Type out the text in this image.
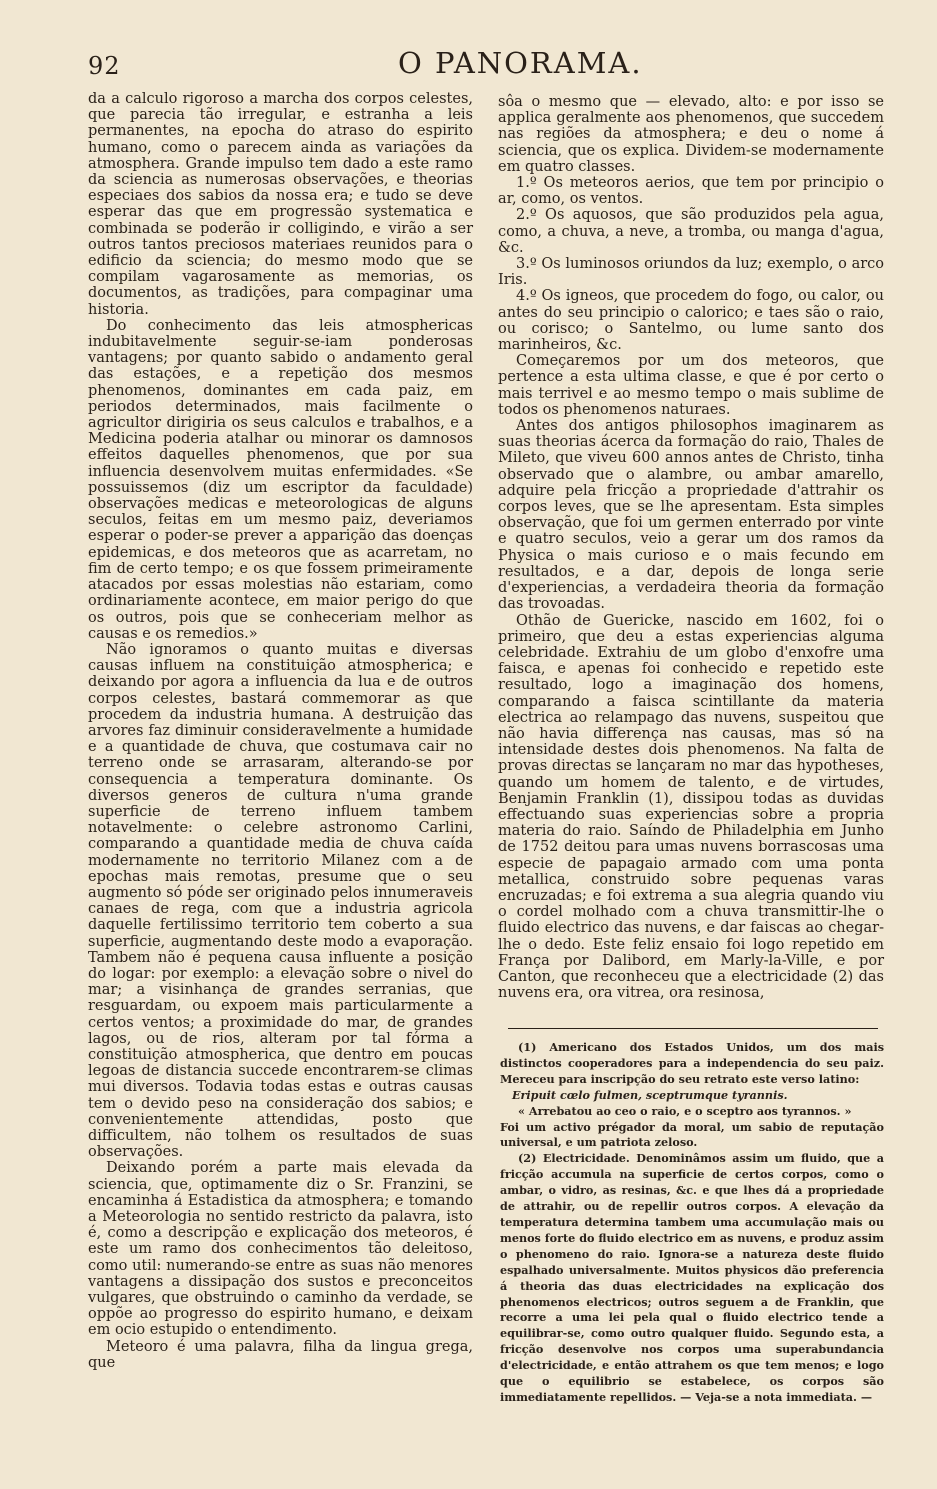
92	O PANORAMA.

da a calculo rigoroso a marcha dos corpos celestes, que parecia tão irregular, e estranha a leis permanentes, na epocha do atraso do espirito humano, como o parecem ainda as variações da atmosphera. Grande impulso tem dado a este ramo da sciencia as numerosas observações, e theorias especiaes dos sabios da nossa era; e tudo se deve esperar das que em progressão systematica e combinada se poderão ir colligindo, e virão a ser outros tantos preciosos materiaes reunidos para o edificio da sciencia; do mesmo modo que se compilam vagarosamente as memorias, os documentos, as tradições, para compaginar uma historia.

Do conhecimento das leis atmosphericas indubitavelmente seguir-se-iam ponderosas vantagens; por quanto sabido o andamento geral das estações, e a repetição dos mesmos phenomenos, dominantes em cada paiz, em periodos determinados, mais facilmente o agricultor dirigiria os seus calculos e trabalhos, e a Medicina poderia atalhar ou minorar os damnosos effeitos daquelles phenomenos, que por sua influencia desenvolvem muitas enfermidades. «Se possuissemos (diz um escriptor da faculdade) observações medicas e meteorologicas de alguns seculos, feitas em um mesmo paiz, deveriamos esperar o poder-se prever a apparição das doenças epidemicas, e dos meteoros que as acarretam, no fim de certo tempo; e os que fossem primeiramente atacados por essas molestias não estariam, como ordinariamente acontece, em maior perigo do que os outros, pois que se conheceriam melhor as causas e os remedios.»

Não ignoramos o quanto muitas e diversas causas influem na constituição atmospherica; e deixando por agora a influencia da lua e de outros corpos celestes, bastará commemorar as que procedem da industria humana. A destruição das arvores faz diminuir consideravelmente a humidade e a quantidade de chuva, que costumava cair no terreno onde se arrasaram, alterando-se por consequencia a temperatura dominante. Os diversos generos de cultura n'uma grande superficie de terreno influem tambem notavelmente: o celebre astronomo Carlini, comparando a quantidade media de chuva caída modernamente no territorio Milanez com a de epochas mais remotas, presume que o seu augmento só póde ser originado pelos innumeraveis canaes de rega, com que a industria agricola daquelle fertilissimo territorio tem coberto a sua superficie, augmentando deste modo a evaporação. Tambem não é pequena causa influente a posição do logar: por exemplo: a elevação sobre o nivel do mar; a visinhança de grandes serranias, que resguardam, ou expoem mais particularmente a certos ventos; a proximidade do mar, de grandes lagos, ou de rios, alteram por tal fórma a constituição atmospherica, que dentro em poucas legoas de distancia succede encontrarem-se climas mui diversos. Todavia todas estas e outras causas tem o devido peso na consideração dos sabios; e convenientemente attendidas, posto que difficultem, não tolhem os resultados de suas observações.

Deixando porém a parte mais elevada da sciencia, que, optimamente diz o Sr. Franzini, se encaminha á Estadistica da atmosphera; e tomando a Meteorologia no sentido restricto da palavra, isto é, como a descripção e explicação dos meteoros, é este um ramo dos conhecimentos tão deleitoso, como util: numerando-se entre as suas não menores vantagens a dissipação dos sustos e preconceitos vulgares, que obstruindo o caminho da verdade, se oppõe ao progresso do espirito humano, e deixam em ocio estupido o entendimento.

Meteoro é uma palavra, filha da lingua grega, que

sôa o mesmo que — elevado, alto: e por isso se applica geralmente aos phenomenos, que succedem nas regiões da atmosphera; e deu o nome á sciencia, que os explica. Dividem-se modernamente em quatro classes.

1.º Os meteoros aerios, que tem por principio o ar, como, os ventos.

2.º Os aquosos, que são produzidos pela agua, como, a chuva, a neve, a tromba, ou manga d'agua, &c.

3.º Os luminosos oriundos da luz; exemplo, o arco Iris.

4.º Os igneos, que procedem do fogo, ou calor, ou antes do seu principio o calorico; e taes são o raio, ou corisco; o Santelmo, ou lume santo dos marinheiros, &c.

Começaremos por um dos meteoros, que pertence a esta ultima classe, e que é por certo o mais terrivel e ao mesmo tempo o mais sublime de todos os phenomenos naturaes.

Antes dos antigos philosophos imaginarem as suas theorias ácerca da formação do raio, Thales de Mileto, que viveu 600 annos antes de Christo, tinha observado que o alambre, ou ambar amarello, adquire pela fricção a propriedade d'attrahir os corpos leves, que se lhe apresentam. Esta simples observação, que foi um germen enterrado por vinte e quatro seculos, veio a gerar um dos ramos da Physica o mais curioso e o mais fecundo em resultados, e a dar, depois de longa serie d'experiencias, a verdadeira theoria da formação das trovoadas.

Othão de Guericke, nascido em 1602, foi o primeiro, que deu a estas experiencias alguma celebridade. Extrahiu de um globo d'enxofre uma faisca, e apenas foi conhecido e repetido este resultado, logo a imaginação dos homens, comparando a faisca scintillante da materia electrica ao relampago das nuvens, suspeitou que não havia differença nas causas, mas só na intensidade destes dois phenomenos. Na falta de provas directas se lançaram no mar das hypotheses, quando um homem de talento, e de virtudes, Benjamin Franklin (1), dissipou todas as duvidas effectuando suas experiencias sobre a propria materia do raio. Saíndo de Philadelphia em Junho de 1752 deitou para umas nuvens borrascosas uma especie de papagaio armado com uma ponta metallica, construido sobre pequenas varas encruzadas; e foi extrema a sua alegria quando viu o cordel molhado com a chuva transmittir-lhe o fluido electrico das nuvens, e dar faiscas ao chegar-lhe o dedo. Este feliz ensaio foi logo repetido em França por Dalibord, em Marly-la-Ville, e por Canton, que reconheceu que a electricidade (2) das nuvens era, ora vitrea, ora resinosa,

(1) Americano dos Estados Unidos, um dos mais distinctos cooperadores para a independencia do seu paiz. Mereceu para inscripção do seu retrato este verso latino:

Eripuit cœlo fulmen, sceptrumque tyrannis.

« Arrebatou ao ceo o raio, e o sceptro aos tyrannos. »

Foi um activo prégador da moral, um sabio de reputação universal, e um patriota zeloso.

(2) Electricidade. Denominâmos assim um fluido, que a fricção accumula na superficie de certos corpos, como o ambar, o vidro, as resinas, &c. e que lhes dá a propriedade de attrahir, ou de repellir outros corpos. A elevação da temperatura determina tambem uma accumulação mais ou menos forte do fluido electrico em as nuvens, e produz assim o phenomeno do raio. Ignora-se a natureza deste fluido espalhado universalmente. Muitos physicos dão preferencia á theoria das duas electricidades na explicação dos phenomenos electricos; outros seguem a de Franklin, que recorre a uma lei pela qual o fluido electrico tende a equilibrar-se, como outro qualquer fluido. Segundo esta, a fricção desenvolve nos corpos uma superabundancia d'electricidade, e então attrahem os que tem menos; e logo que o equilibrio se estabelece, os corpos são immediatamente repellidos. — Veja-se a nota immediata. —
